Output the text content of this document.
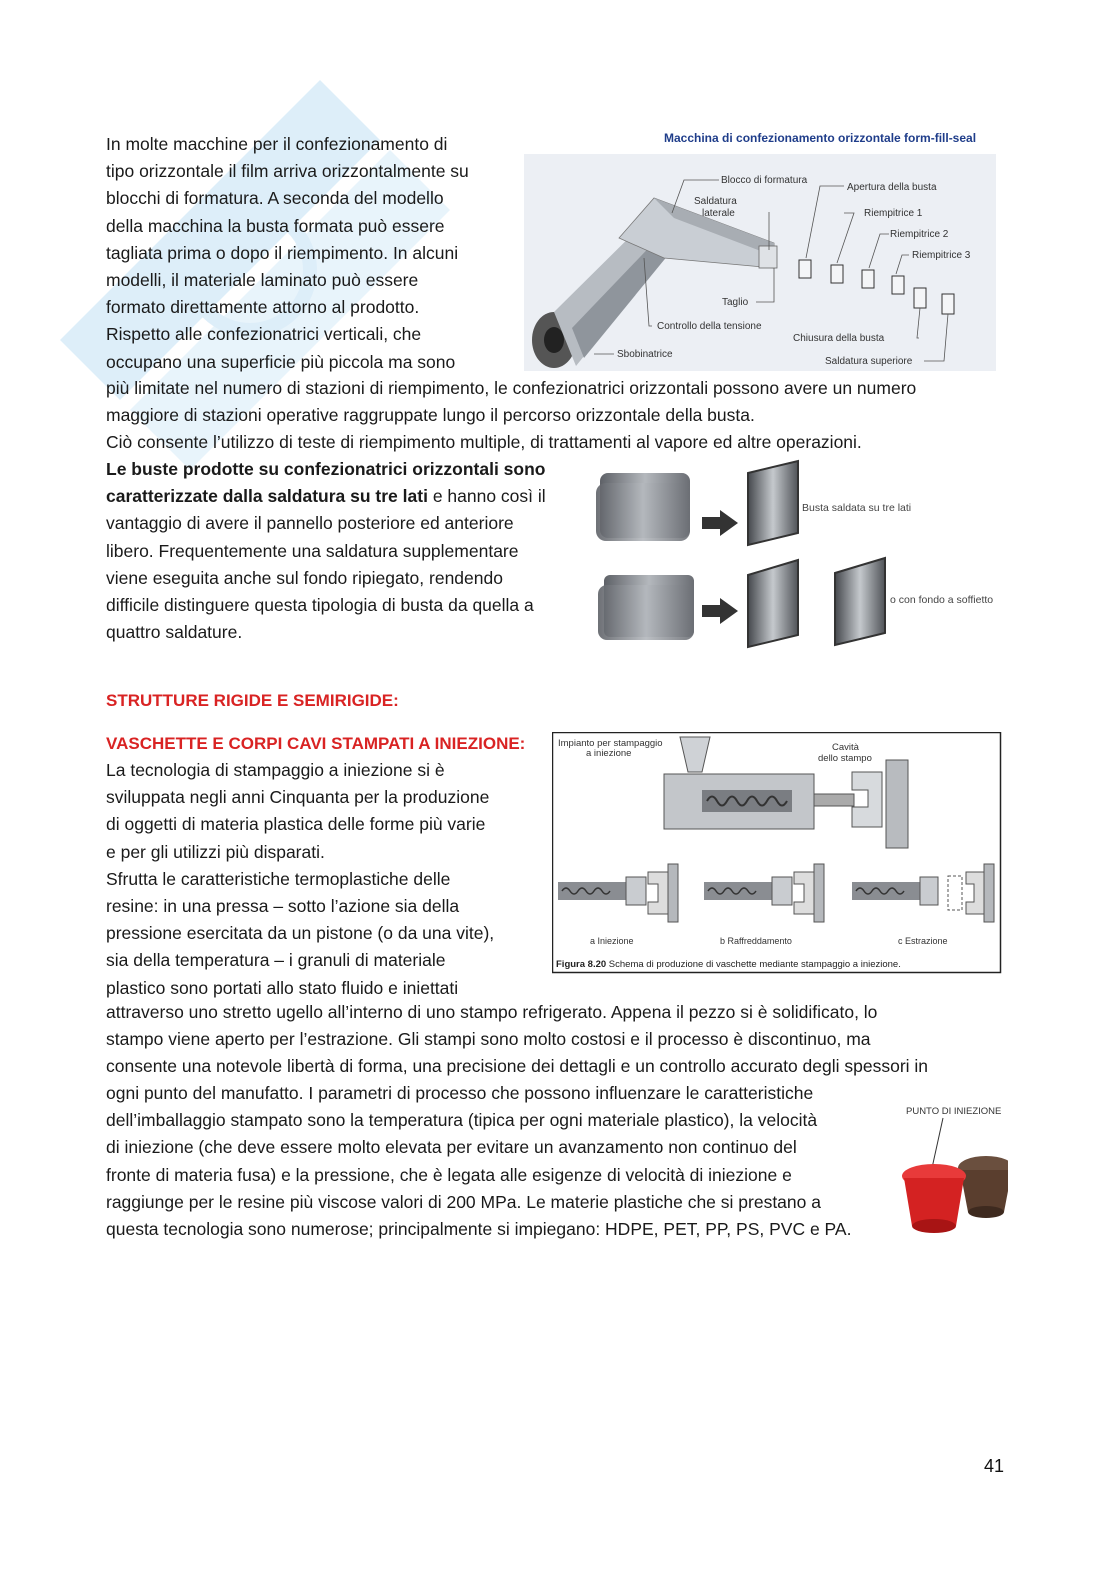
In molte macchine per il confezionamento di

tipo orizzontale il film arriva orizzontalmente su

blocchi di formatura. A seconda del modello

della macchina la busta formata può essere

tagliata prima o dopo il riempimento. In alcuni

modelli, il materiale laminato può essere

formato direttamente attorno al prodotto.

Rispetto alle confezionatrici verticali, che

occupano una superficie più piccola ma sono

più limitate nel numero di stazioni di riempimento, le confezionatrici orizzontali possono avere un numero

maggiore di stazioni operative raggruppate lungo il percorso orizzontale della busta.

Ciò consente l’utilizzo di teste di riempimento multiple, di trattamenti al vapore ed altre operazioni.

Macchina di confezionamento orizzontale form-fill-seal
Blocco di formatura
Apertura della busta
Saldatura
laterale	Riempitrice 1
Riempitrice 2
Riempitrice 3
Taglio
Controllo della tensione
Chiusura della busta
Sbobinatrice
Saldatura superiore

Le buste prodotte su confezionatrici orizzontali sono

caratterizzate dalla saldatura su tre lati e hanno così il

vantaggio di avere il pannello posteriore ed anteriore

libero. Frequentemente una saldatura supplementare

viene eseguita anche sul fondo ripiegato, rendendo

difficile distinguere questa tipologia di busta da quella a

quattro saldature.

Busta saldata su tre lati
o con fondo a soffietto
STRUTTURE RIGIDE E SEMIRIGIDE:
VASCHETTE E CORPI CAVI STAMPATI A INIEZIONE:

La tecnologia di stampaggio a iniezione si è

sviluppata negli anni Cinquanta per la produzione

di oggetti di materia plastica delle forme più varie

e per gli utilizzi più disparati.

Sfrutta le caratteristiche termoplastiche delle

resine: in una pressa – sotto l’azione sia della

pressione esercitata da un pistone (o da una vite),

sia della temperatura – i granuli di materiale

plastico sono portati allo stato fluido e iniettati

attraverso uno stretto ugello all’interno di uno stampo refrigerato. Appena il pezzo si è solidificato, lo

stampo viene aperto per l’estrazione. Gli stampi sono molto costosi e il processo è discontinuo, ma

consente una notevole libertà di forma, una precisione dei dettagli e un controllo accurato degli spessori in

ogni punto del manufatto. I parametri di processo che possono influenzare le caratteristiche

dell’imballaggio stampato sono la temperatura (tipica per ogni materiale plastico), la velocità

di iniezione (che deve essere molto elevata per evitare un avanzamento non continuo del

fronte di materia fusa) e la pressione, che è legata alle esigenze di velocità di iniezione e

raggiunge per le resine più viscose valori di 200 MPa. Le materie plastiche che si prestano a

questa tecnologia sono numerose; principalmente si impiegano: HDPE, PET, PP, PS, PVC e PA.

Impianto per stampaggio
a iniezione
Cavità
dello stampo
a Iniezione	b Raffreddamento	c Estrazione
Figura 8.20 Schema di produzione di vaschette mediante stampaggio a iniezione.
PUNTO DI INIEZIONE
41
